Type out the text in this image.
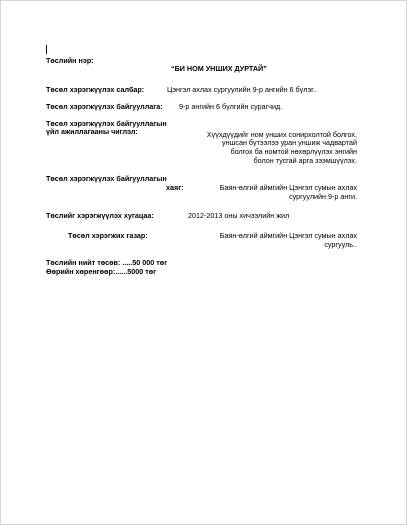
Төслийн нэр:
“БИ НОМ УНШИХ ДУРТАЙ”
Төсөл хэрэгжүүлэх салбар:	Цэнгэл ахлах сургуулийн 9-р ангийн 6 бүлэг..
Төсөл хэрэгжүүлэх байгууллага: 9-р ангийн 6 бүлгийн сурагчид.
Төсөл хэрэгжүүлэх байгууллагын
үйл ажиллагааны чиглэл:	Хүүхдүүдийг ном унших сонирхолтой болгох,
уншсан бүтээлээ уран уншиж чадвартай
болгох ба номтой нөхөрлүүлэх энгийн
болон тусгай арга зээмшүүлэх.
Төсөл хэрэгжүүлэх байгууллагын
хаяг:	Баян-өлгий аймгийн Цэнгэл сумын ахлах
сургуулийн 9-р анги.
Төслийг хэрэгжүүлэх хугацаа:	2012-2013 оны хичээлийн жил
Төсөл хэрэгжих газар:	Баян-өлгий аймгийн Цэнгэл сумын ахлах
сургууль..
Төслийн нийт төсөв: .....50 000 төг
Өөрийн хөренгөөр:......5000 төг
